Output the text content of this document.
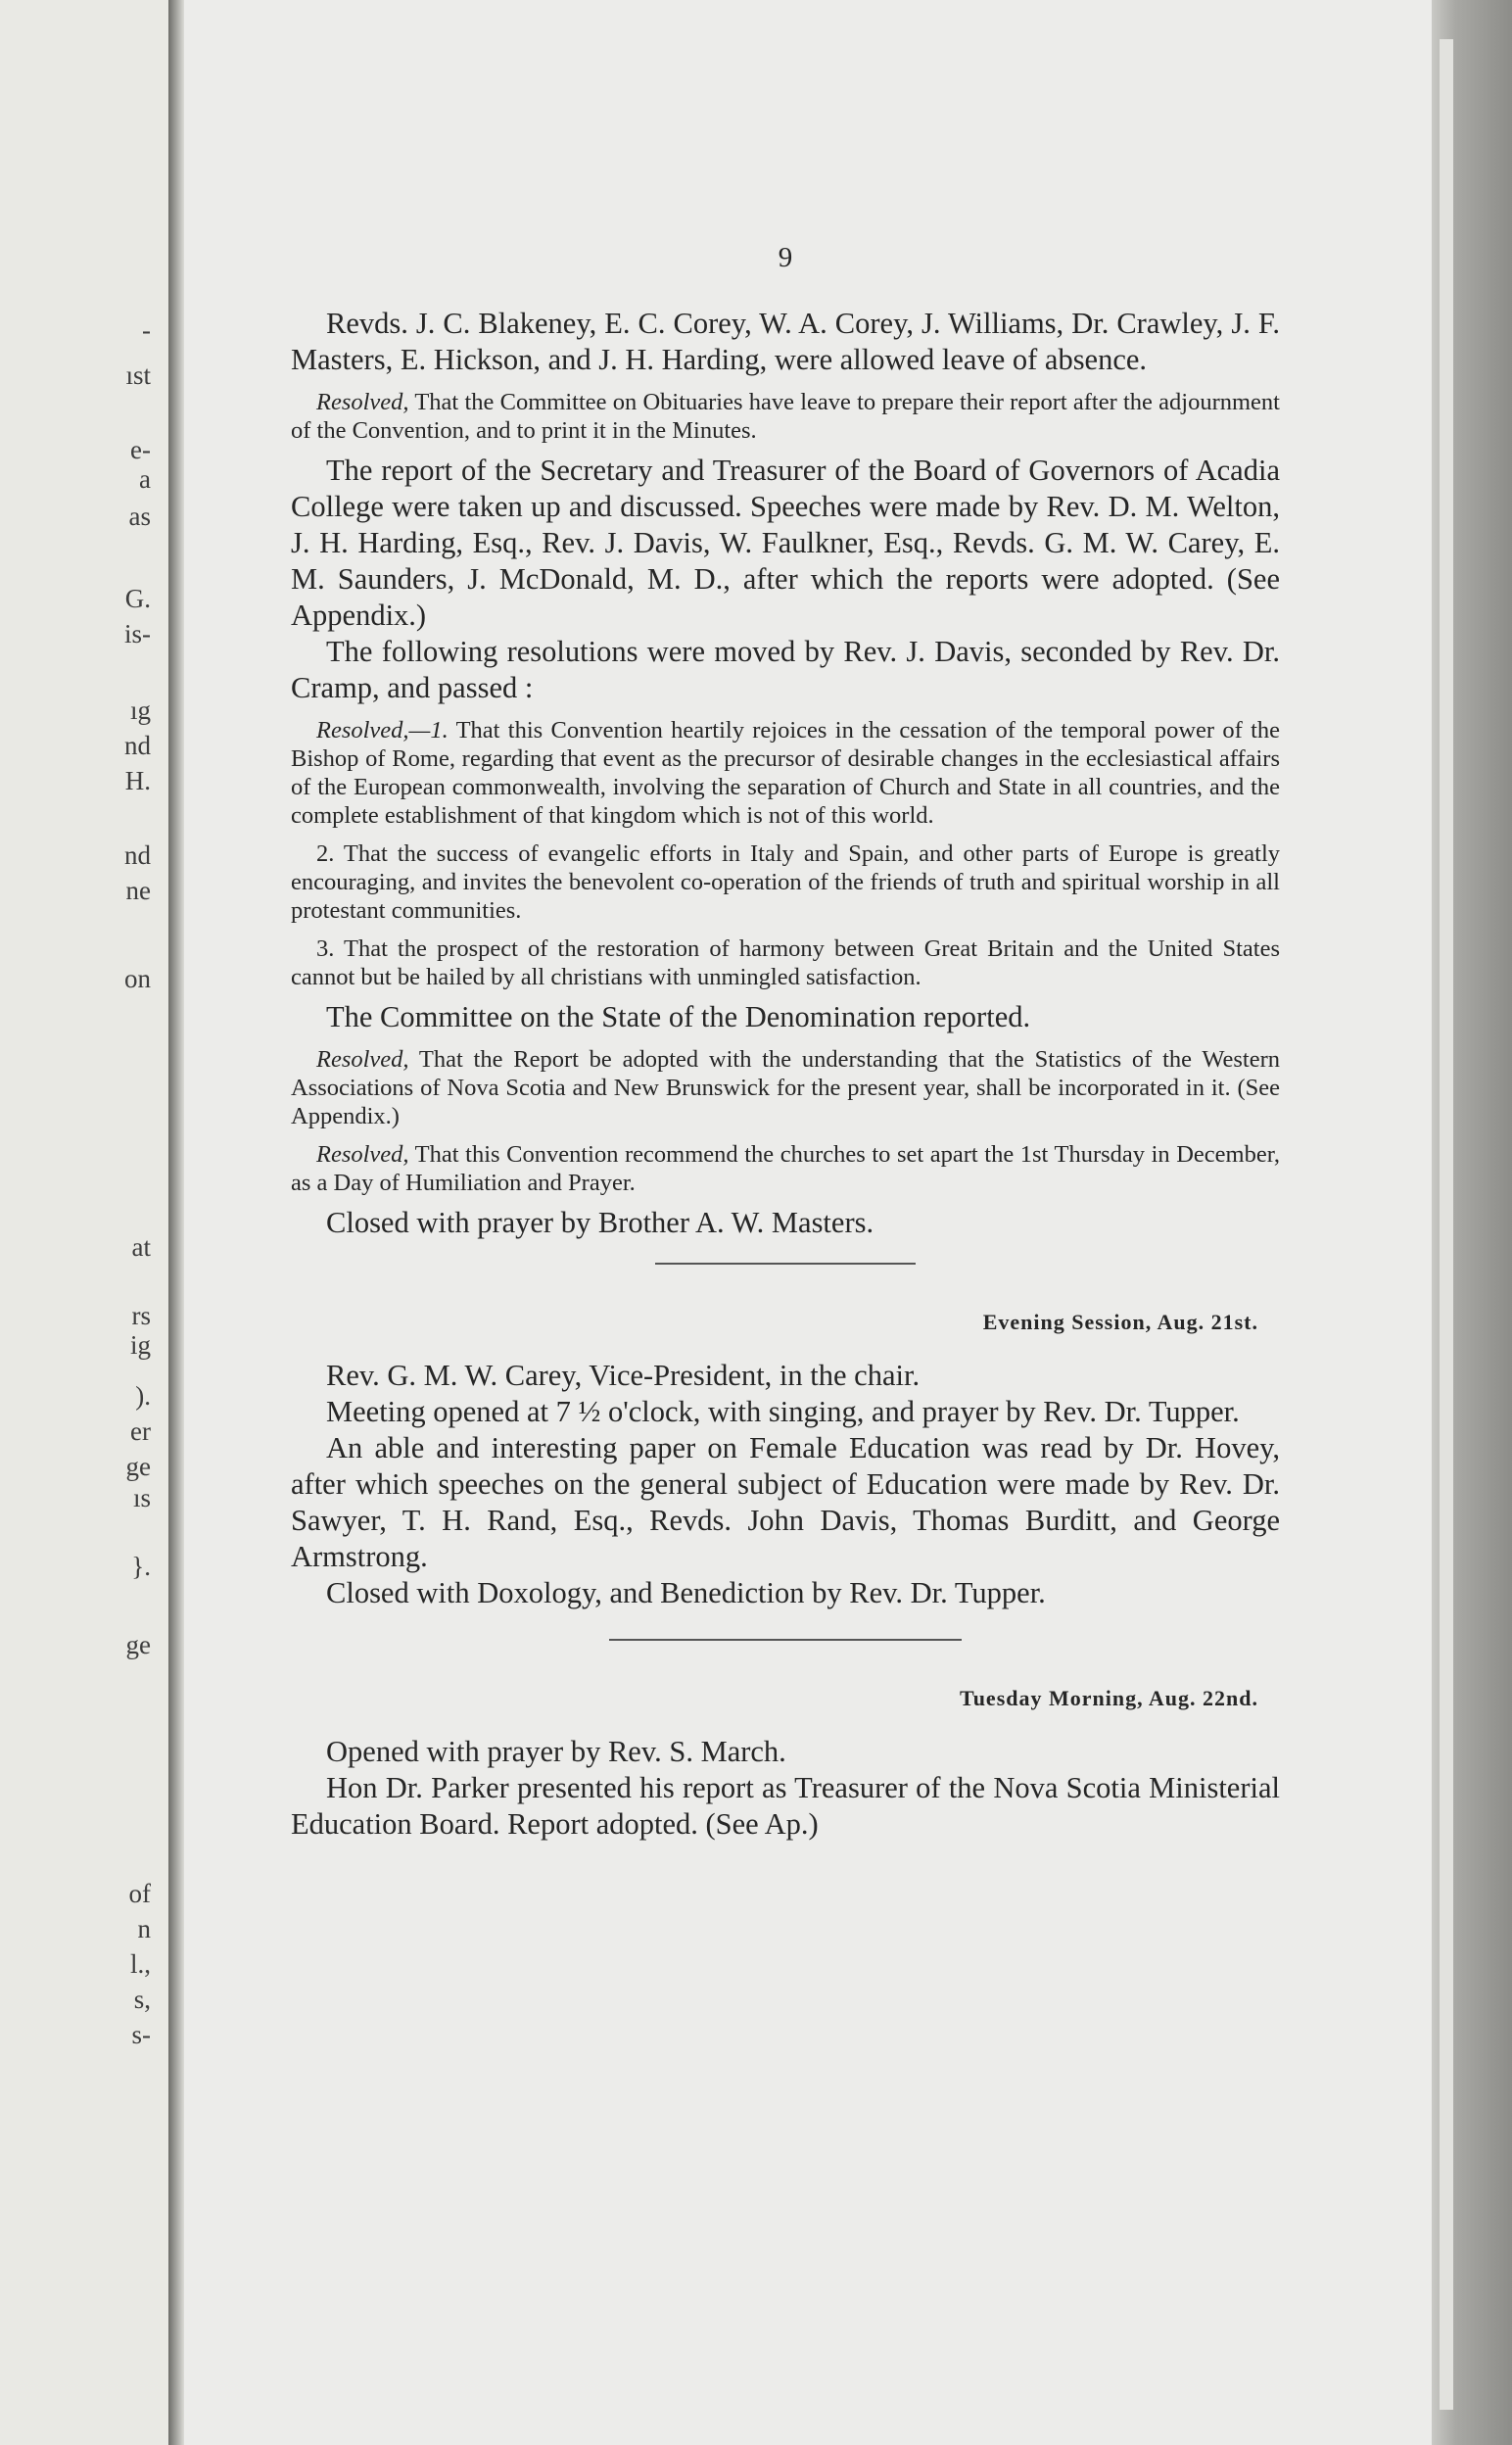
-
ıst
e-
a
as
G.
is-
ıg
nd
H.
nd
ne
on
at
rs
ig
).
er
ge
ıs
}.
ge
of
n
l.,
s,
s-
9

Revds. J. C. Blakeney, E. C. Corey, W. A. Corey, J. Williams, Dr. Crawley, J. F. Masters, E. Hickson, and J. H. Harding, were allowed leave of absence.

Resolved, That the Committee on Obituaries have leave to prepare their report after the adjournment of the Convention, and to print it in the Minutes.

The report of the Secretary and Treasurer of the Board of Governors of Acadia College were taken up and discussed. Speeches were made by Rev. D. M. Welton, J. H. Harding, Esq., Rev. J. Davis, W. Faulkner, Esq., Revds. G. M. W. Carey, E. M. Saunders, J. McDonald, M. D., after which the reports were adopted. (See Appendix.)

The following resolutions were moved by Rev. J. Davis, seconded by Rev. Dr. Cramp, and passed :

Resolved,—1. That this Convention heartily rejoices in the cessation of the temporal power of the Bishop of Rome, regarding that event as the precursor of desirable changes in the ecclesiastical affairs of the European commonwealth, involving the separation of Church and State in all countries, and the complete establishment of that kingdom which is not of this world.

2. That the success of evangelic efforts in Italy and Spain, and other parts of Europe is greatly encouraging, and invites the benevolent co-operation of the friends of truth and spiritual worship in all protestant communities.

3. That the prospect of the restoration of harmony between Great Britain and the United States cannot but be hailed by all christians with unmingled satisfaction.

The Committee on the State of the Denomination reported.

Resolved, That the Report be adopted with the understanding that the Statistics of the Western Associations of Nova Scotia and New Brunswick for the present year, shall be incorporated in it. (See Appendix.)

Resolved, That this Convention recommend the churches to set apart the 1st Thursday in December, as a Day of Humiliation and Prayer.

Closed with prayer by Brother A. W. Masters.

Evening Session, Aug. 21st.

Rev. G. M. W. Carey, Vice-President, in the chair.

Meeting opened at 7 ½ o'clock, with singing, and prayer by Rev. Dr. Tupper.

An able and interesting paper on Female Education was read by Dr. Hovey, after which speeches on the general subject of Education were made by Rev. Dr. Sawyer, T. H. Rand, Esq., Revds. John Davis, Thomas Burditt, and George Armstrong.

Closed with Doxology, and Benediction by Rev. Dr. Tupper.

Tuesday Morning, Aug. 22nd.

Opened with prayer by Rev. S. March.

Hon Dr. Parker presented his report as Treasurer of the Nova Scotia Ministerial Education Board. Report adopted. (See Ap.)
